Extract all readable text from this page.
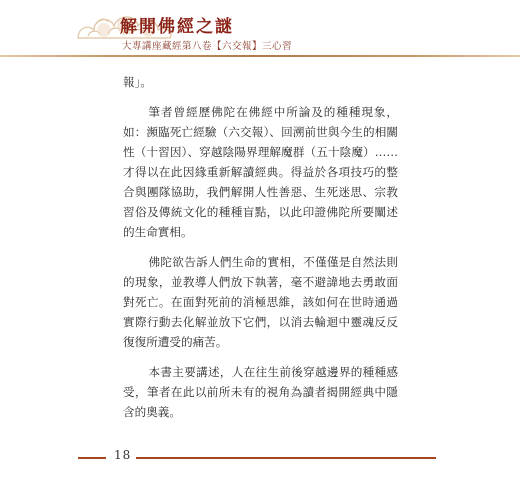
解開佛經之謎
大專講座藏經第八卷【六交報】三心習

報」。

筆者曾經歷佛陀在佛經中所論及的種種現象，如：瀕臨死亡經驗（六交報）、回溯前世與今生的相關性（十習因）、穿越陰陽界理解魔群（五十陰魔）……才得以在此因緣重新解讀經典。得益於各項技巧的整合與團隊協助，我們解開人性善惡、生死迷思、宗教習俗及傳統文化的種種盲點，以此印證佛陀所要闡述的生命實相。

佛陀欲告訴人們生命的實相，不僅僅是自然法則的現象，並教導人們放下執著，毫不避諱地去勇敢面對死亡。在面對死前的消極思維，該如何在世時通過實際行動去化解並放下它們，以消去輪迴中靈魂反反復復所遭受的痛苦。

本書主要講述，人在往生前後穿越邊界的種種感受，筆者在此以前所未有的視角為讀者揭開經典中隱含的奧義。

18
